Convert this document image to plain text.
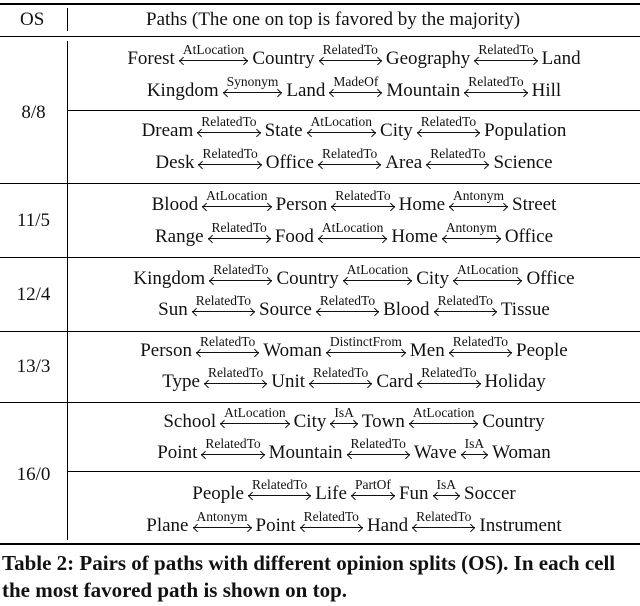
OS	Paths (The one on top is favored by the majority)
8/8
11/5
12/4
13/3
16/0
Forest AtLocation Country RelatedTo Geography RelatedTo Land
Kingdom Synonym Land MadeOf Mountain RelatedTo Hill
Dream RelatedTo State AtLocation City RelatedTo Population
Desk RelatedTo Office RelatedTo Area RelatedTo Science
Blood AtLocation Person RelatedTo Home Antonym Street
Range RelatedTo Food AtLocation Home Antonym Office
Kingdom RelatedTo Country AtLocation City AtLocation Office
Sun RelatedTo Source RelatedTo Blood RelatedTo Tissue
Person RelatedTo Woman DistinctFrom Men RelatedTo People
Type RelatedTo Unit RelatedTo Card RelatedTo Holiday
School AtLocation City IsA Town AtLocation Country
Point RelatedTo Mountain RelatedTo Wave IsA Woman
People RelatedTo Life PartOf Fun IsA Soccer
Plane Antonym Point RelatedTo Hand RelatedTo Instrument
Table 2: Pairs of paths with different opinion splits (OS). In each cell the most favored path is shown on top.
